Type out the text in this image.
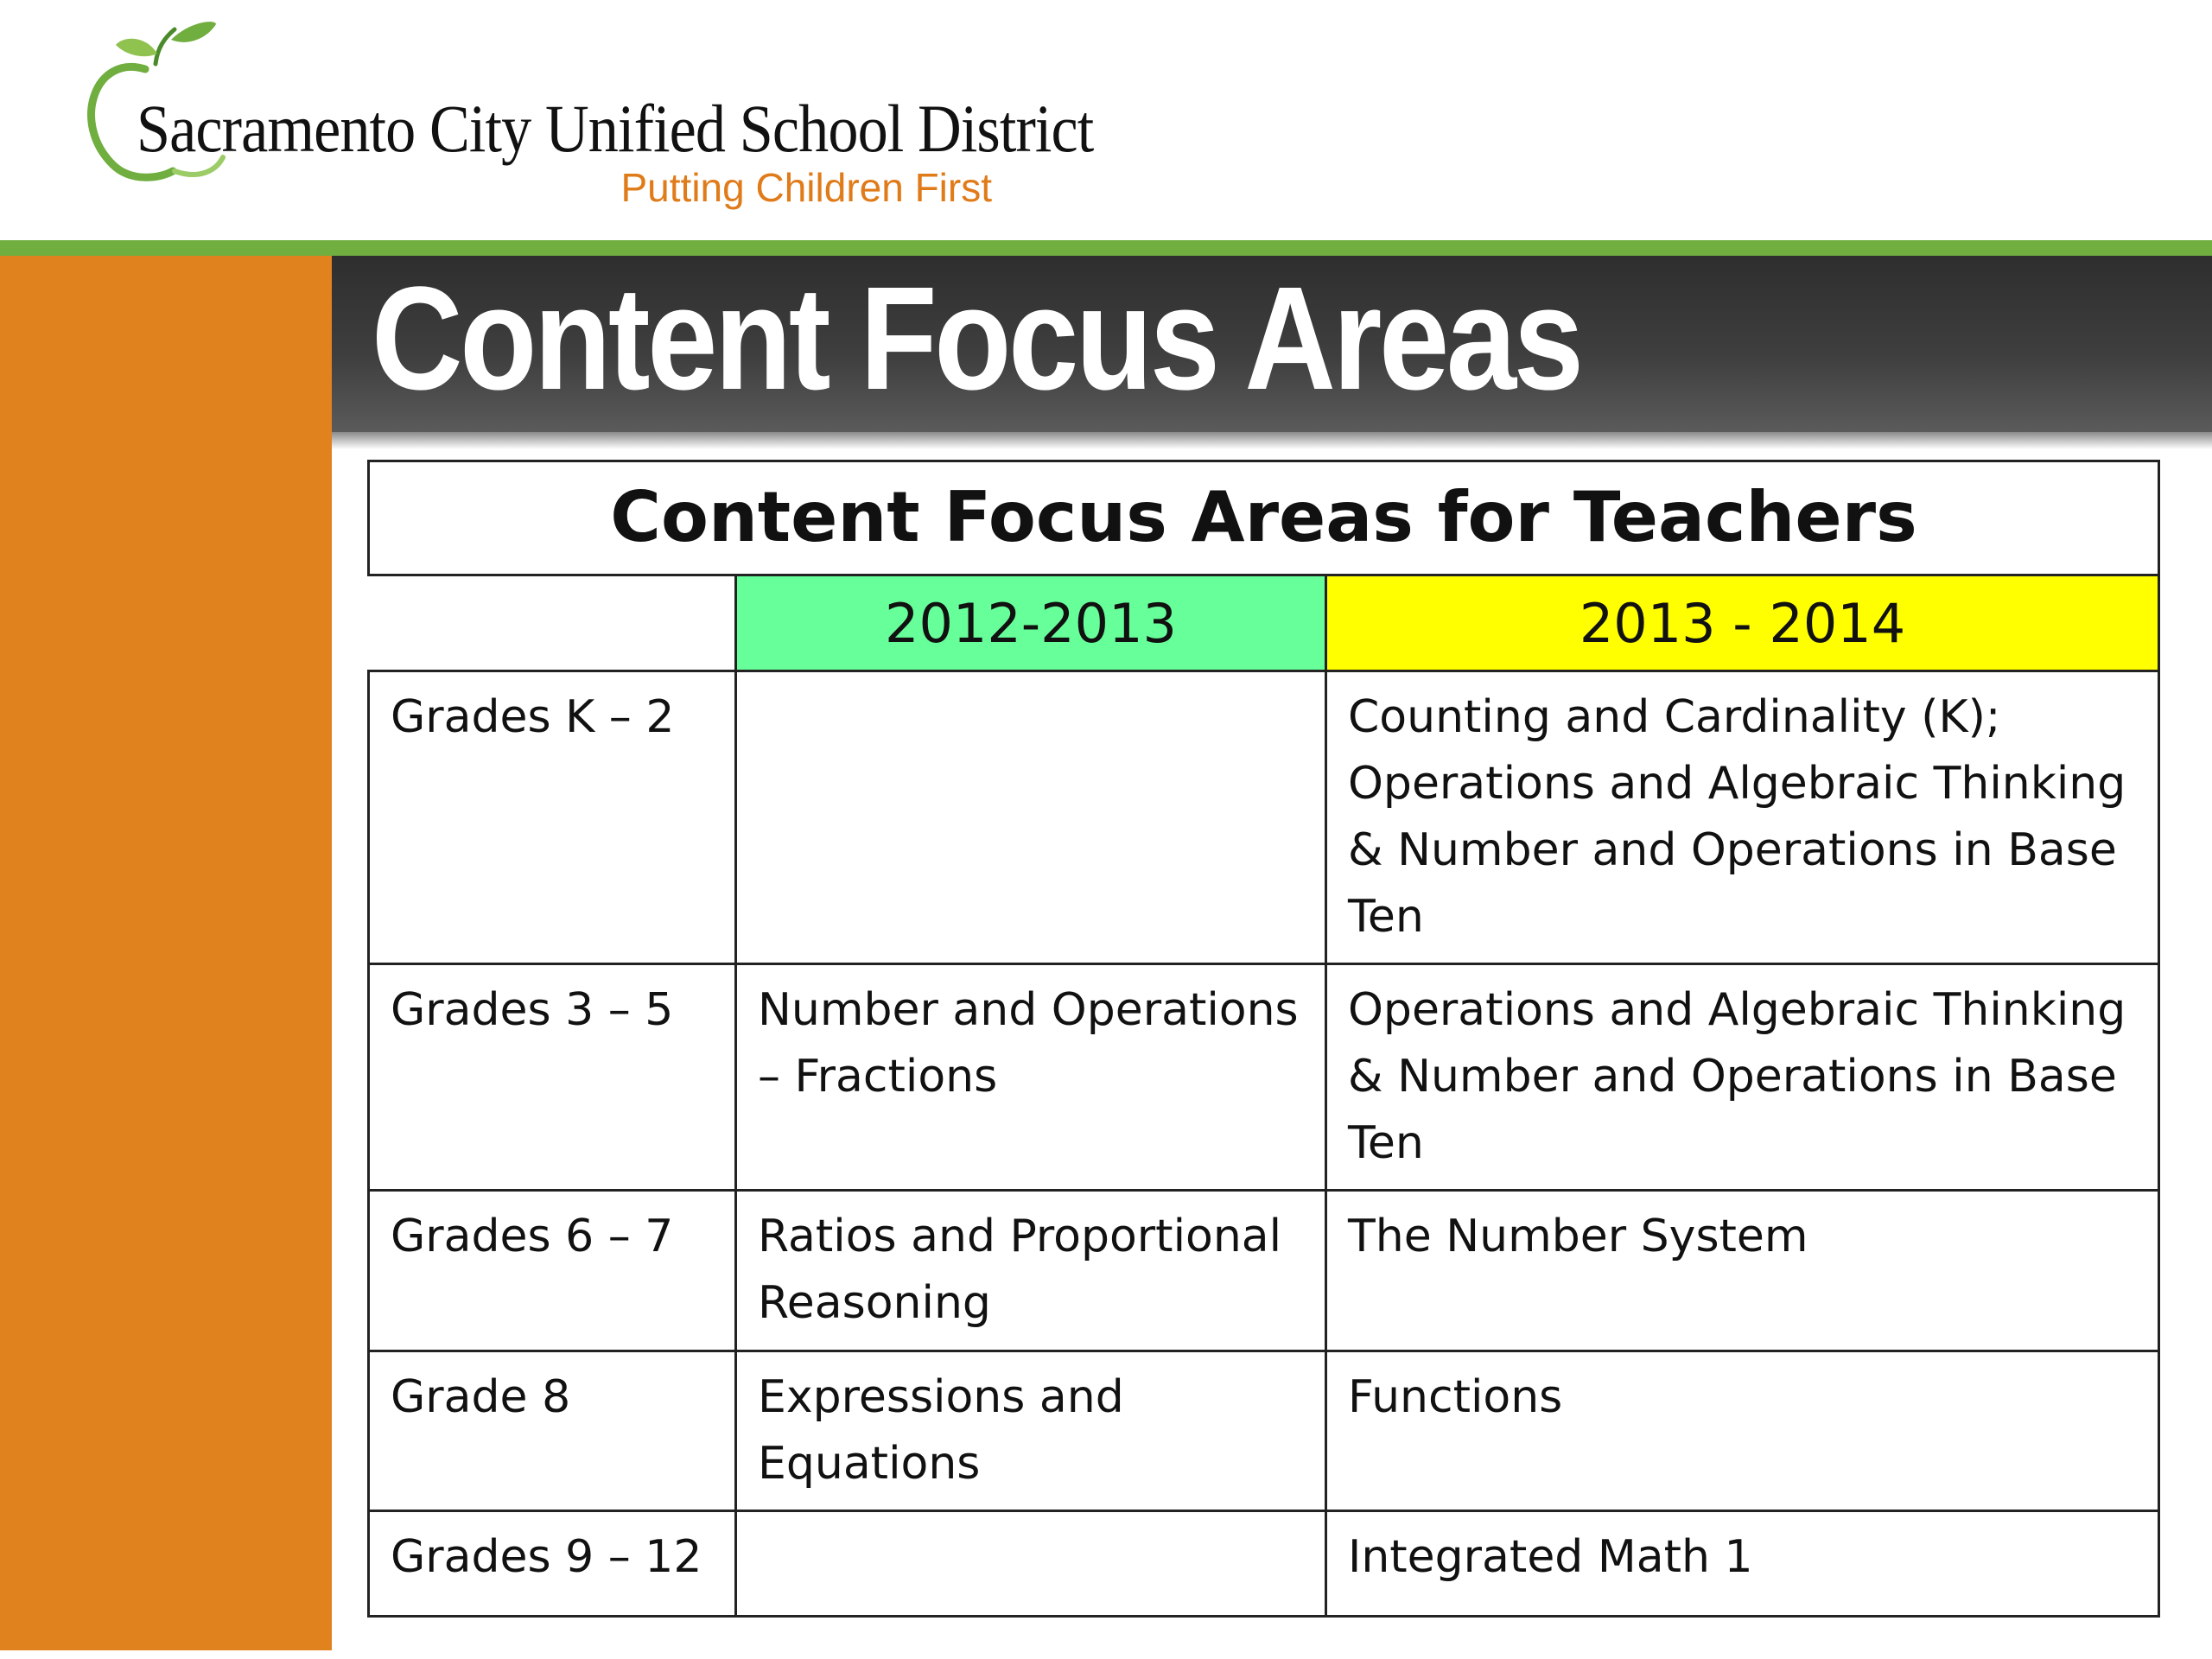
Sacramento City Unified School District
Putting Children First
Content Focus Areas
Content Focus Areas for Teachers		
	2012-2013	2013 - 2014
Grades K – 2		Counting and Cardinality (K); Operations and Algebraic Thinking & Number and Operations in Base Ten
Grades 3 – 5	Number and Operations – Fractions	Operations and Algebraic Thinking & Number and Operations in Base Ten
Grades 6 – 7	Ratios and Proportional Reasoning	The Number System
Grade 8	Expressions and Equations	Functions
Grades 9 – 12		Integrated Math 1
